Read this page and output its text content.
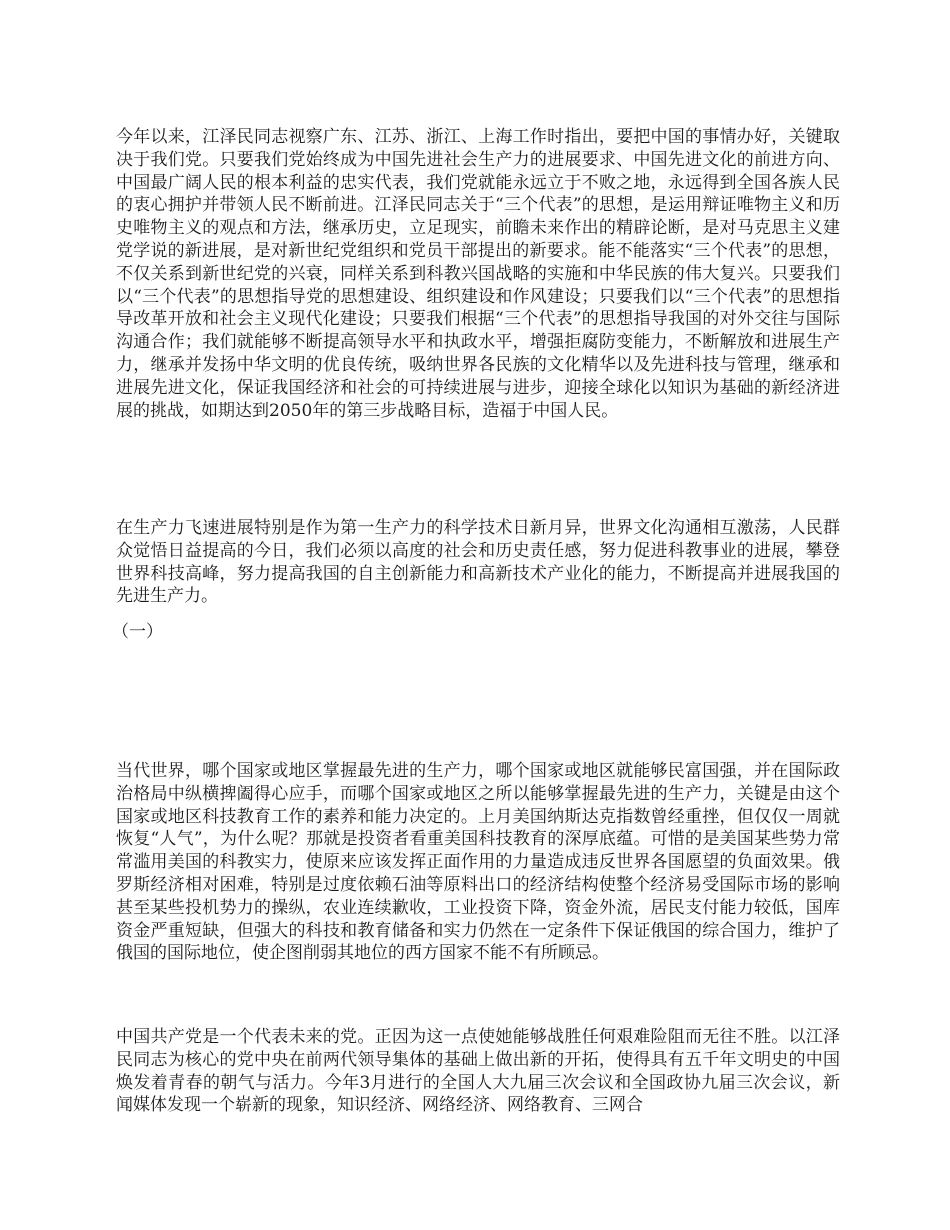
今年以来，江泽民同志视察广东、江苏、浙江、上海工作时指出，要把中国的事情办好，关键取决于我们党。只要我们党始终成为中国先进社会生产力的进展要求、中国先进文化的前进方向、中国最广阔人民的根本利益的忠实代表，我们党就能永远立于不败之地，永远得到全国各族人民的衷心拥护并带领人民不断前进。江泽民同志关于“三个代表”的思想，是运用辩证唯物主义和历史唯物主义的观点和方法，继承历史，立足现实，前瞻未来作出的精辟论断，是对马克思主义建党学说的新进展，是对新世纪党组织和党员干部提出的新要求。能不能落实“三个代表”的思想，不仅关系到新世纪党的兴衰，同样关系到科教兴国战略的实施和中华民族的伟大复兴。只要我们以“三个代表”的思想指导党的思想建设、组织建设和作风建设；只要我们以“三个代表”的思想指导改革开放和社会主义现代化建设；只要我们根据“三个代表”的思想指导我国的对外交往与国际沟通合作；我们就能够不断提高领导水平和执政水平，增强拒腐防变能力，不断解放和进展生产力，继承并发扬中华文明的优良传统，吸纳世界各民族的文化精华以及先进科技与管理，继承和进展先进文化，保证我国经济和社会的可持续进展与进步，迎接全球化以知识为基础的新经济进展的挑战，如期达到2050年的第三步战略目标，造福于中国人民。

在生产力飞速进展特别是作为第一生产力的科学技术日新月异，世界文化沟通相互激荡，人民群众觉悟日益提高的今日，我们必须以高度的社会和历史责任感，努力促进科教事业的进展，攀登世界科技高峰，努力提高我国的自主创新能力和高新技术产业化的能力，不断提高并进展我国的先进生产力。

（一）

当代世界，哪个国家或地区掌握最先进的生产力，哪个国家或地区就能够民富国强，并在国际政治格局中纵横捭阖得心应手，而哪个国家或地区之所以能够掌握最先进的生产力，关键是由这个国家或地区科技教育工作的素养和能力决定的。上月美国纳斯达克指数曾经重挫，但仅仅一周就恢复“人气”，为什么呢？那就是投资者看重美国科技教育的深厚底蕴。可惜的是美国某些势力常常滥用美国的科教实力，使原来应该发挥正面作用的力量造成违反世界各国愿望的负面效果。俄罗斯经济相对困难，特别是过度依赖石油等原料出口的经济结构使整个经济易受国际市场的影响甚至某些投机势力的操纵，农业连续歉收，工业投资下降，资金外流，居民支付能力较低，国库资金严重短缺，但强大的科技和教育储备和实力仍然在一定条件下保证俄国的综合国力，维护了俄国的国际地位，使企图削弱其地位的西方国家不能不有所顾忌。

中国共产党是一个代表未来的党。正因为这一点使她能够战胜任何艰难险阻而无往不胜。以江泽民同志为核心的党中央在前两代领导集体的基础上做出新的开拓，使得具有五千年文明史的中国焕发着青春的朝气与活力。今年3月进行的全国人大九届三次会议和全国政协九届三次会议，新闻媒体发现一个崭新的现象，知识经济、网络经济、网络教育、三网合
